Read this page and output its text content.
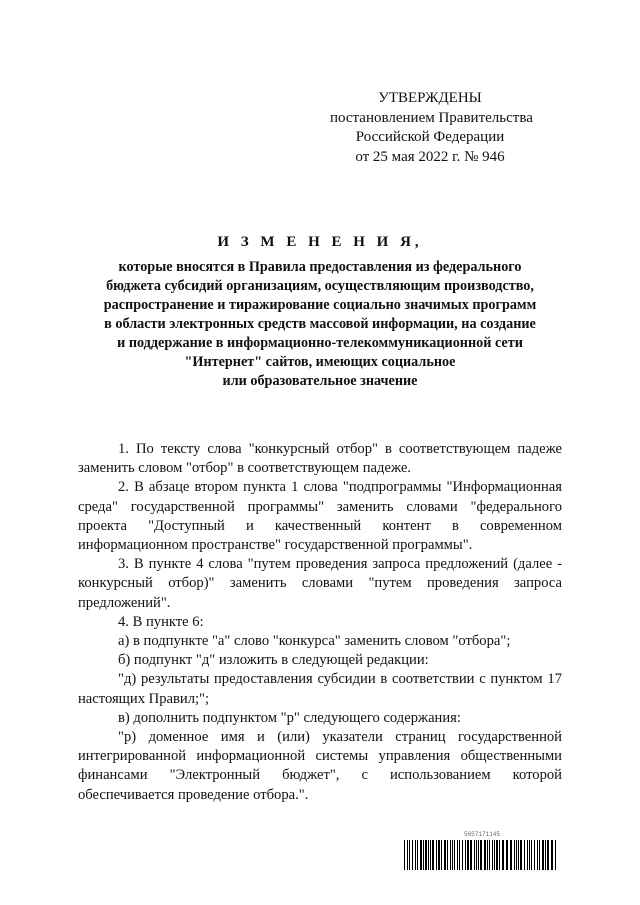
УТВЕРЖДЕНЫ
постановлением Правительства
Российской Федерации
от 25 мая 2022 г. № 946
И З М Е Н Е Н И Я,
которые вносятся в Правила предоставления из федерального
бюджета субсидий организациям, осуществляющим производство,
распространение и тиражирование социально значимых программ
в области электронных средств массовой информации, на создание
и поддержание в информационно-телекоммуникационной сети
"Интернет" сайтов, имеющих социальное
или образовательное значение

1. По тексту слова "конкурсный отбор" в соответствующем падеже заменить словом "отбор" в соответствующем падеже.

2. В абзаце втором пункта 1 слова "подпрограммы "Информационная среда" государственной программы" заменить словами "федерального проекта "Доступный и качественный контент в современном информационном пространстве" государственной программы".

3. В пункте 4 слова "путем проведения запроса предложений (далее - конкурсный отбор)" заменить словами "путем проведения запроса предложений".

4. В пункте 6:

а) в подпункте "а" слово "конкурса" заменить словом "отбора";

б) подпункт "д" изложить в следующей редакции:

"д) результаты предоставления субсидии в соответствии с пунктом 17 настоящих Правил;";

в) дополнить подпунктом "р" следующего содержания:

"р) доменное имя и (или) указатели страниц государственной интегрированной информационной системы управления общественными финансами "Электронный бюджет", с использованием которой обеспечивается проведение отбора.".

5657171145
